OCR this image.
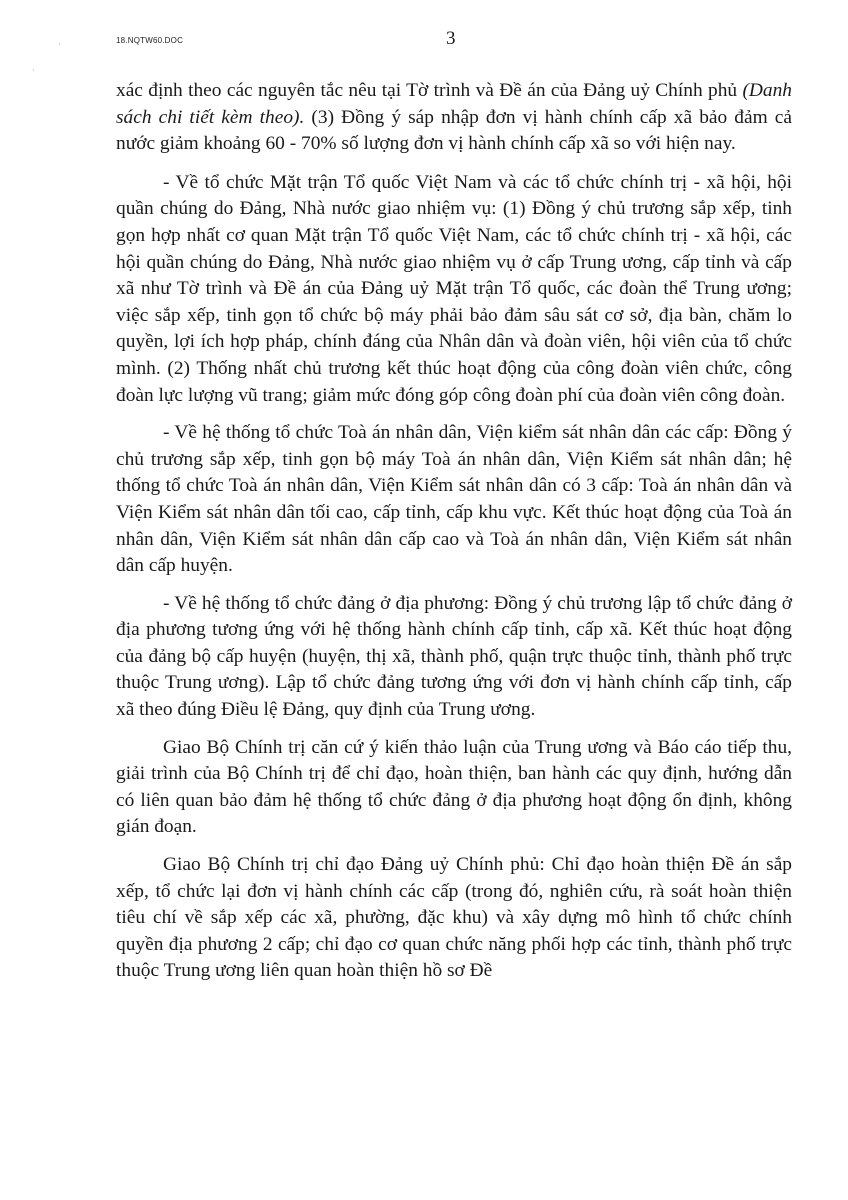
18.NQTW60.DOC	3
·
·

xác định theo các nguyên tắc nêu tại Tờ trình và Đề án của Đảng uỷ Chính phủ (Danh sách chi tiết kèm theo). (3) Đồng ý sáp nhập đơn vị hành chính cấp xã bảo đảm cả nước giảm khoảng 60 - 70% số lượng đơn vị hành chính cấp xã so với hiện nay.

- Về tổ chức Mặt trận Tổ quốc Việt Nam và các tổ chức chính trị - xã hội, hội quần chúng do Đảng, Nhà nước giao nhiệm vụ: (1) Đồng ý chủ trương sắp xếp, tinh gọn hợp nhất cơ quan Mặt trận Tổ quốc Việt Nam, các tổ chức chính trị - xã hội, các hội quần chúng do Đảng, Nhà nước giao nhiệm vụ ở cấp Trung ương, cấp tỉnh và cấp xã như Tờ trình và Đề án của Đảng uỷ Mặt trận Tổ quốc, các đoàn thể Trung ương; việc sắp xếp, tinh gọn tổ chức bộ máy phải bảo đảm sâu sát cơ sở, địa bàn, chăm lo quyền, lợi ích hợp pháp, chính đáng của Nhân dân và đoàn viên, hội viên của tổ chức mình. (2) Thống nhất chủ trương kết thúc hoạt động của công đoàn viên chức, công đoàn lực lượng vũ trang; giảm mức đóng góp công đoàn phí của đoàn viên công đoàn.

- Về hệ thống tổ chức Toà án nhân dân, Viện kiểm sát nhân dân các cấp: Đồng ý chủ trương sắp xếp, tinh gọn bộ máy Toà án nhân dân, Viện Kiểm sát nhân dân; hệ thống tổ chức Toà án nhân dân, Viện Kiểm sát nhân dân có 3 cấp: Toà án nhân dân và Viện Kiểm sát nhân dân tối cao, cấp tỉnh, cấp khu vực. Kết thúc hoạt động của Toà án nhân dân, Viện Kiểm sát nhân dân cấp cao và Toà án nhân dân, Viện Kiểm sát nhân dân cấp huyện.

- Về hệ thống tổ chức đảng ở địa phương: Đồng ý chủ trương lập tổ chức đảng ở địa phương tương ứng với hệ thống hành chính cấp tỉnh, cấp xã. Kết thúc hoạt động của đảng bộ cấp huyện (huyện, thị xã, thành phố, quận trực thuộc tỉnh, thành phố trực thuộc Trung ương). Lập tổ chức đảng tương ứng với đơn vị hành chính cấp tỉnh, cấp xã theo đúng Điều lệ Đảng, quy định của Trung ương.

Giao Bộ Chính trị căn cứ ý kiến thảo luận của Trung ương và Báo cáo tiếp thu, giải trình của Bộ Chính trị để chỉ đạo, hoàn thiện, ban hành các quy định, hướng dẫn có liên quan bảo đảm hệ thống tổ chức đảng ở địa phương hoạt động ổn định, không gián đoạn.

Giao Bộ Chính trị chỉ đạo Đảng uỷ Chính phủ: Chỉ đạo hoàn thiện Đề án sắp xếp, tổ chức lại đơn vị hành chính các cấp (trong đó, nghiên cứu, rà soát hoàn thiện tiêu chí về sắp xếp các xã, phường, đặc khu) và xây dựng mô hình tổ chức chính quyền địa phương 2 cấp; chỉ đạo cơ quan chức năng phối hợp các tỉnh, thành phố trực thuộc Trung ương liên quan hoàn thiện hồ sơ Đề
